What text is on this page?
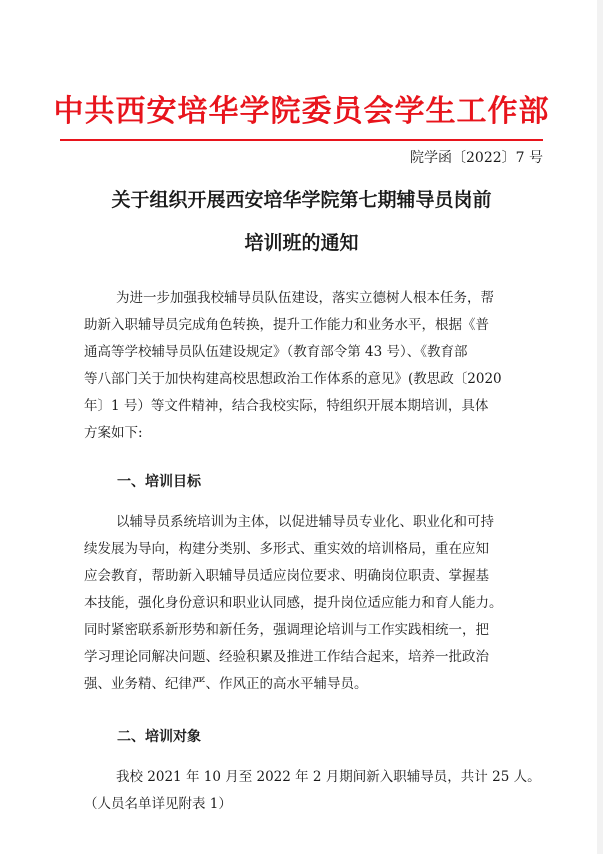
中共西安培华学院委员会学生工作部
院学函〔2022〕7 号
关于组织开展西安培华学院第七期辅导员岗前
培训班的通知
为进一步加强我校辅导员队伍建设，落实立德树人根本任务，帮
助新入职辅导员完成角色转换，提升工作能力和业务水平，根据《普
通高等学校辅导员队伍建设规定》（教育部令第 43 号）、《教育部
等八部门关于加快构建高校思想政治工作体系的意见》(教思政〔2020
年〕1 号）等文件精神，结合我校实际，特组织开展本期培训，具体
方案如下:
一、培训目标
以辅导员系统培训为主体，以促进辅导员专业化、职业化和可持
续发展为导向，构建分类别、多形式、重实效的培训格局，重在应知
应会教育，帮助新入职辅导员适应岗位要求、明确岗位职责、掌握基
本技能，强化身份意识和职业认同感，提升岗位适应能力和育人能力。
同时紧密联系新形势和新任务，强调理论培训与工作实践相统一，把
学习理论同解决问题、经验积累及推进工作结合起来，培养一批政治
强、业务精、纪律严、作风正的高水平辅导员。
二、培训对象
我校 2021 年 10 月至 2022 年 2 月期间新入职辅导员，共计 25 人。
（人员名单详见附表 1）
